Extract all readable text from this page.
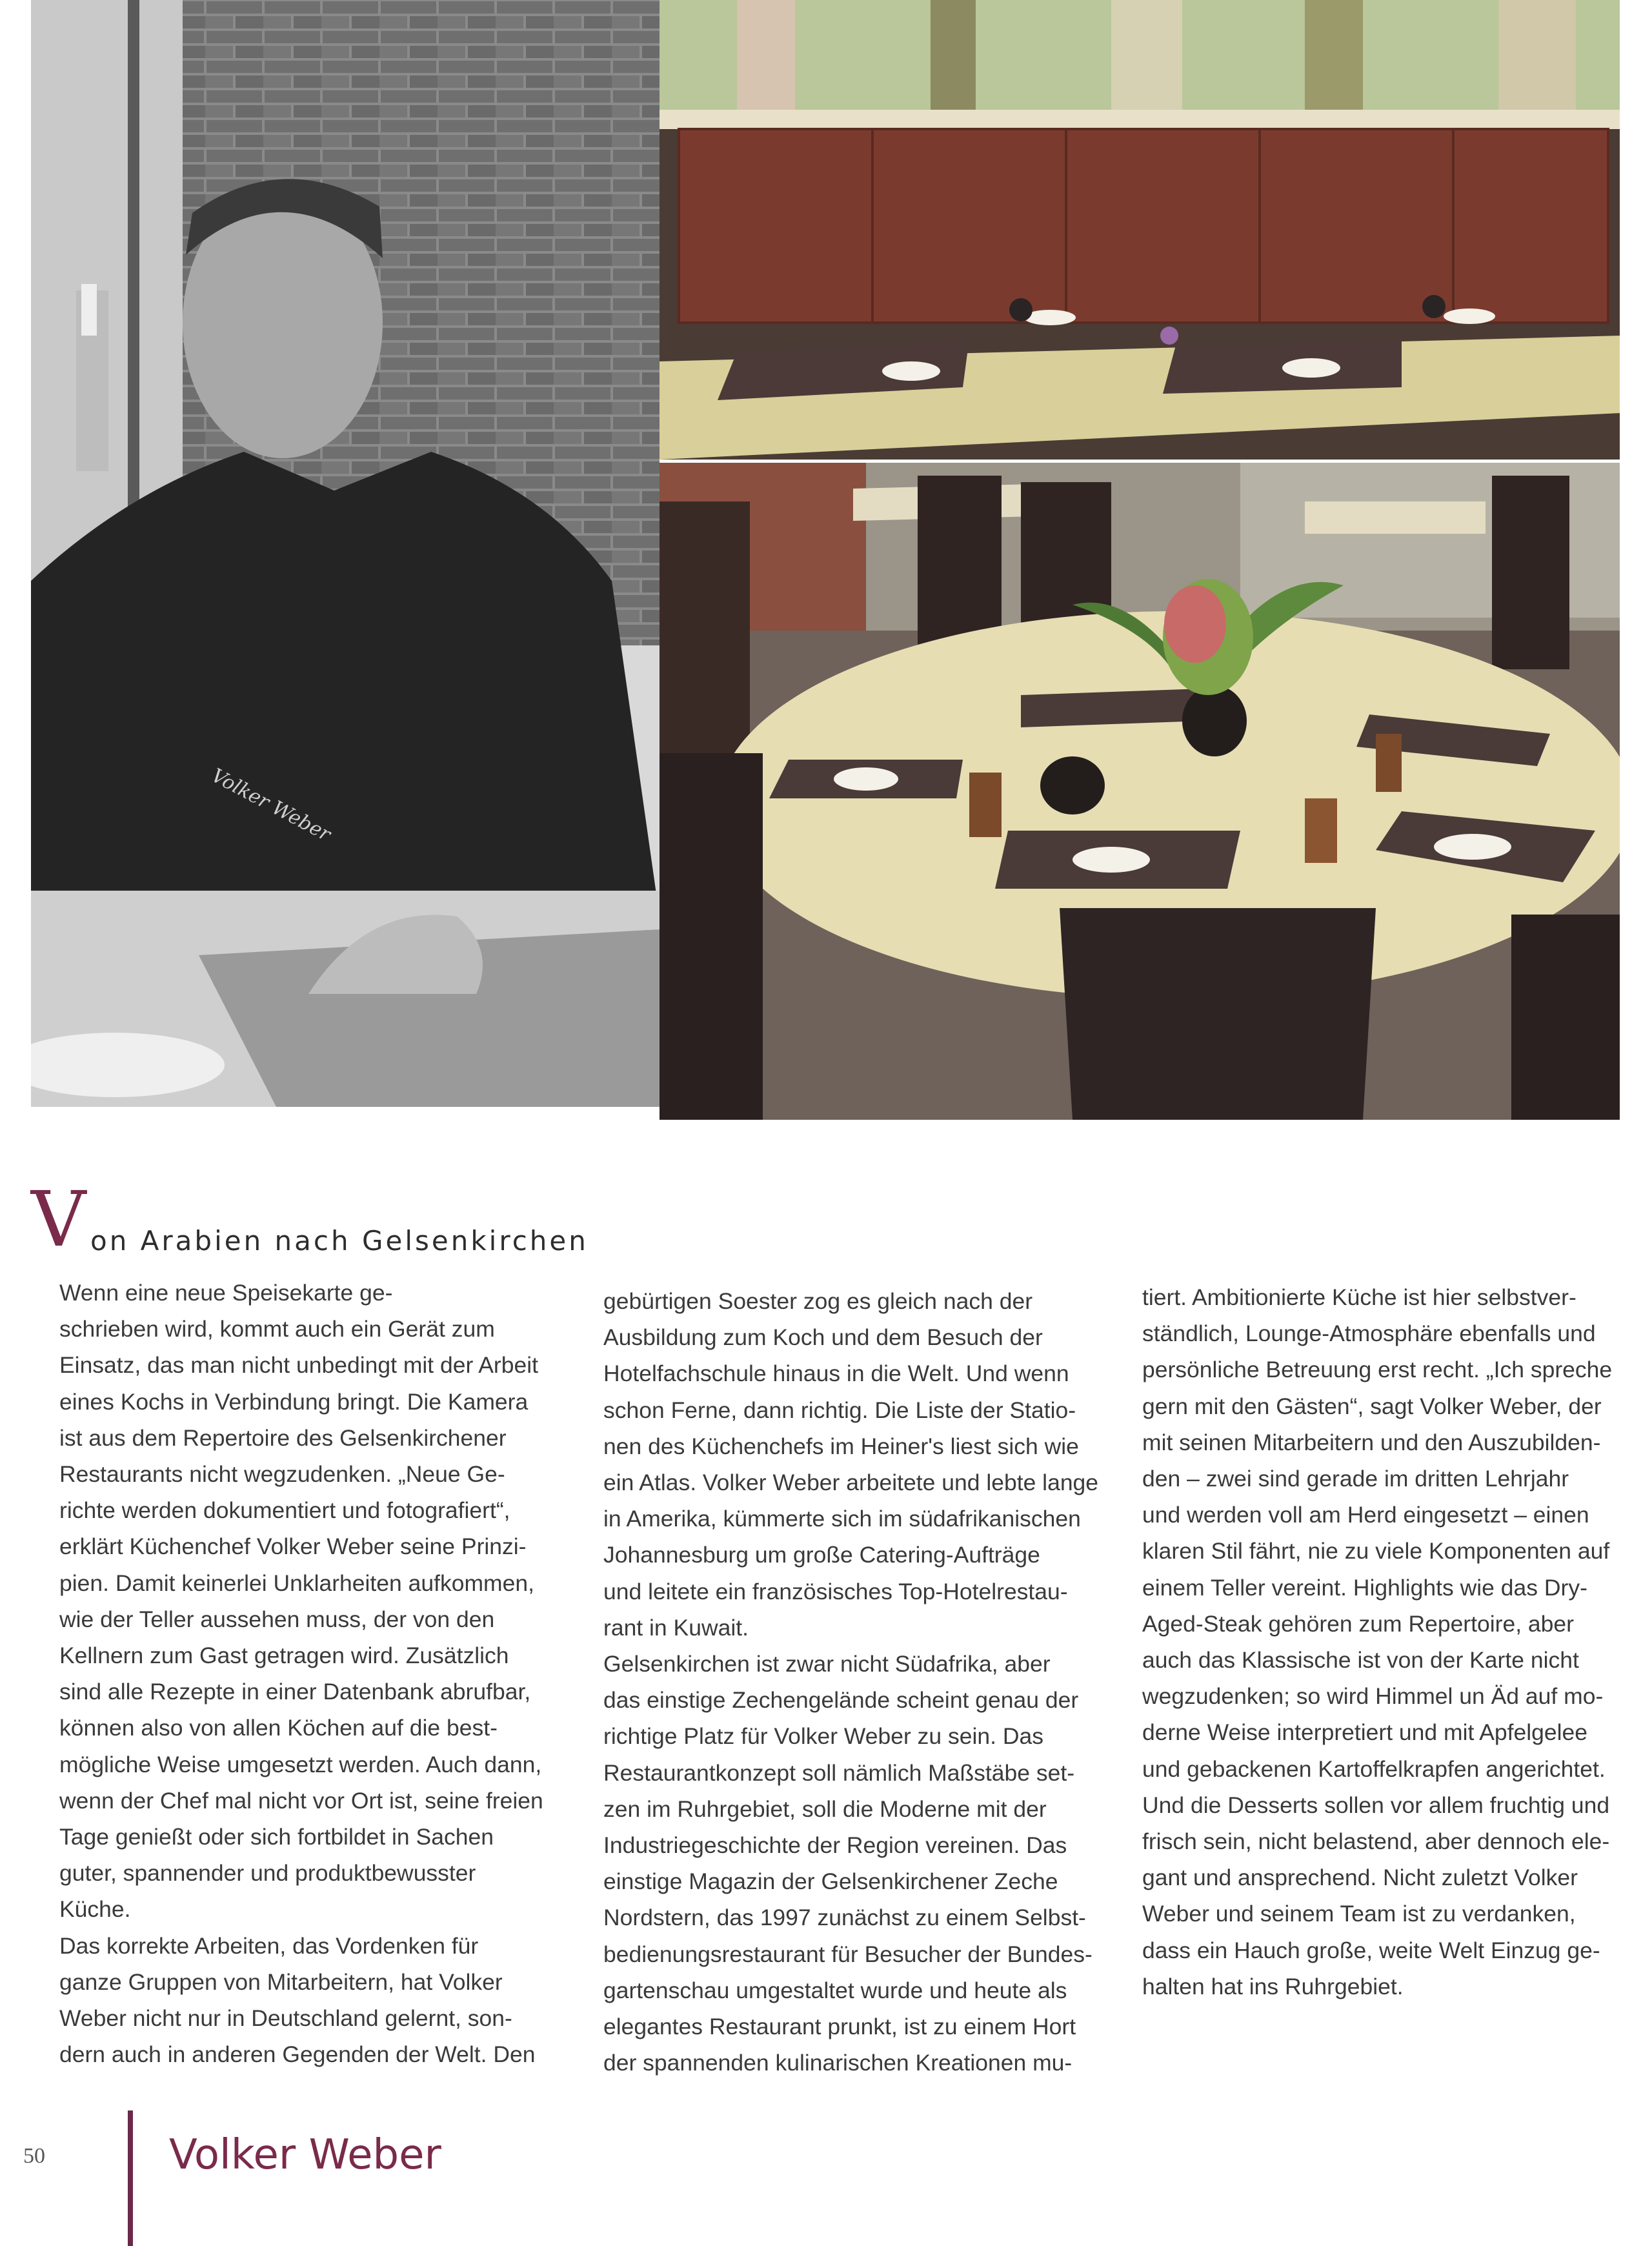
Volker Weber
V on Arabien nach Gelsenkirchen
Wenn eine neue Speisekarte ge-
schrieben wird, kommt auch ein Gerät zum
Einsatz, das man nicht unbedingt mit der Arbeit
eines Kochs in Verbindung bringt. Die Kamera
ist aus dem Repertoire des Gelsenkirchener
Restaurants nicht wegzudenken. „Neue Ge-
richte werden dokumentiert und fotografiert“,
erklärt Küchenchef Volker Weber seine Prinzi-
pien. Damit keinerlei Unklarheiten aufkommen,
wie der Teller aussehen muss, der von den
Kellnern zum Gast getragen wird. Zusätzlich
sind alle Rezepte in einer Datenbank abrufbar,
können also von allen Köchen auf die best-
mögliche Weise umgesetzt werden. Auch dann,
wenn der Chef mal nicht vor Ort ist, seine freien
Tage genießt oder sich fortbildet in Sachen
guter, spannender und produktbewusster
Küche.
Das korrekte Arbeiten, das Vordenken für
ganze Gruppen von Mitarbeitern, hat Volker
Weber nicht nur in Deutschland gelernt, son-
dern auch in anderen Gegenden der Welt. Den
gebürtigen Soester zog es gleich nach der
Ausbildung zum Koch und dem Besuch der
Hotelfachschule hinaus in die Welt. Und wenn
schon Ferne, dann richtig. Die Liste der Statio-
nen des Küchenchefs im Heiner's liest sich wie
ein Atlas. Volker Weber arbeitete und lebte lange
in Amerika, kümmerte sich im südafrikanischen
Johannesburg um große Catering-Aufträge
und leitete ein französisches Top-Hotelrestau-
rant in Kuwait.
Gelsenkirchen ist zwar nicht Südafrika, aber
das einstige Zechengelände scheint genau der
richtige Platz für Volker Weber zu sein. Das
Restaurantkonzept soll nämlich Maßstäbe set-
zen im Ruhrgebiet, soll die Moderne mit der
Industriegeschichte der Region vereinen. Das
einstige Magazin der Gelsenkirchener Zeche
Nordstern, das 1997 zunächst zu einem Selbst-
bedienungsrestaurant für Besucher der Bundes-
gartenschau umgestaltet wurde und heute als
elegantes Restaurant prunkt, ist zu einem Hort
der spannenden kulinarischen Kreationen mu-
tiert. Ambitionierte Küche ist hier selbstver-
ständlich, Lounge-Atmosphäre ebenfalls und
persönliche Betreuung erst recht. „Ich spreche
gern mit den Gästen“, sagt Volker Weber, der
mit seinen Mitarbeitern und den Auszubilden-
den – zwei sind gerade im dritten Lehrjahr
und werden voll am Herd eingesetzt – einen
klaren Stil fährt, nie zu viele Komponenten auf
einem Teller vereint. Highlights wie das Dry-
Aged-Steak gehören zum Repertoire, aber
auch das Klassische ist von der Karte nicht
wegzudenken; so wird Himmel un Äd auf mo-
derne Weise interpretiert und mit Apfelgelee
und gebackenen Kartoffelkrapfen angerichtet.
Und die Desserts sollen vor allem fruchtig und
frisch sein, nicht belastend, aber dennoch ele-
gant und ansprechend. Nicht zuletzt Volker
Weber und seinem Team ist zu verdanken,
dass ein Hauch große, weite Welt Einzug ge-
halten hat ins Ruhrgebiet.
50	Volker Weber
